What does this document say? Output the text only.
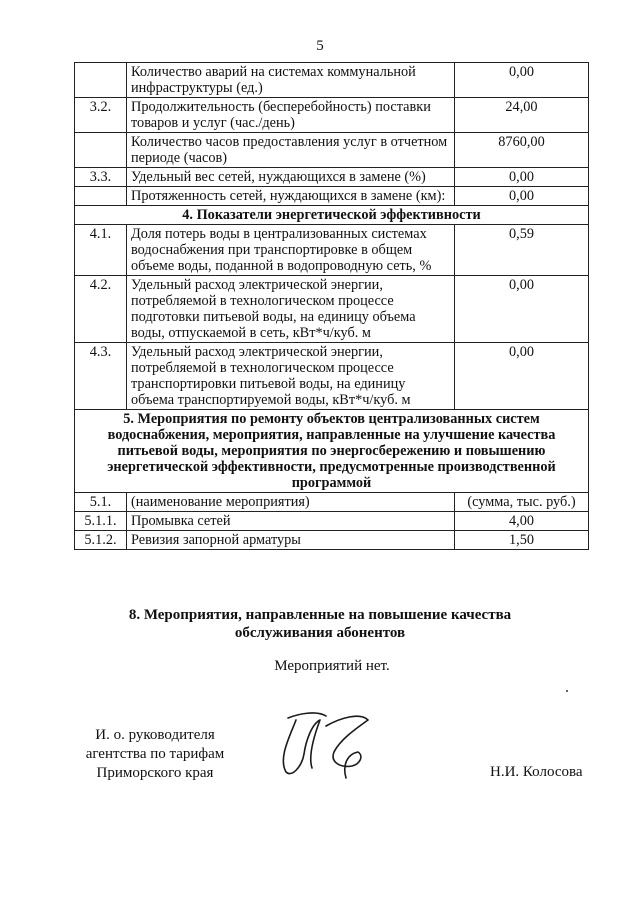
5
	Количество аварий на системах коммунальной инфраструктуры (ед.)	0,00
3.2.	Продолжительность (бесперебойность) поставки товаров и услуг (час./день)	24,00
	Количество часов предоставления услуг в отчетном периоде (часов)	8760,00
3.3.	Удельный вес сетей, нуждающихся в замене (%)	0,00
	Протяженность сетей, нуждающихся в замене (км):	0,00
4. Показатели энергетической эффективности		
4.1.	Доля потерь воды в централизованных системах водоснабжения при транспортировке в общем объеме воды, поданной в водопроводную сеть, %	0,59
4.2.	Удельный расход электрической энергии, потребляемой в технологическом процессе подготовки питьевой воды, на единицу объема воды, отпускаемой в сеть, кВт*ч/куб. м	0,00
4.3.	Удельный расход электрической энергии, потребляемой в технологическом процессе транспортировки питьевой воды, на единицу объема транспортируемой воды, кВт*ч/куб. м	0,00
5. Мероприятия по ремонту объектов централизованных систем водоснабжения, мероприятия, направленные на улучшение качества питьевой воды, мероприятия по энергосбережению и повышению энергетической эффективности, предусмотренные производственной программой		
5.1.	(наименование мероприятия)	(сумма, тыс. руб.)
5.1.1.	Промывка сетей	4,00
5.1.2.	Ревизия запорной арматуры	1,50
8. Мероприятия, направленные на повышение качества
обслуживания абонентов
Мероприятий нет.
И. о. руководителя
агентства по тарифам
Приморского края	Н.И. Колосова
